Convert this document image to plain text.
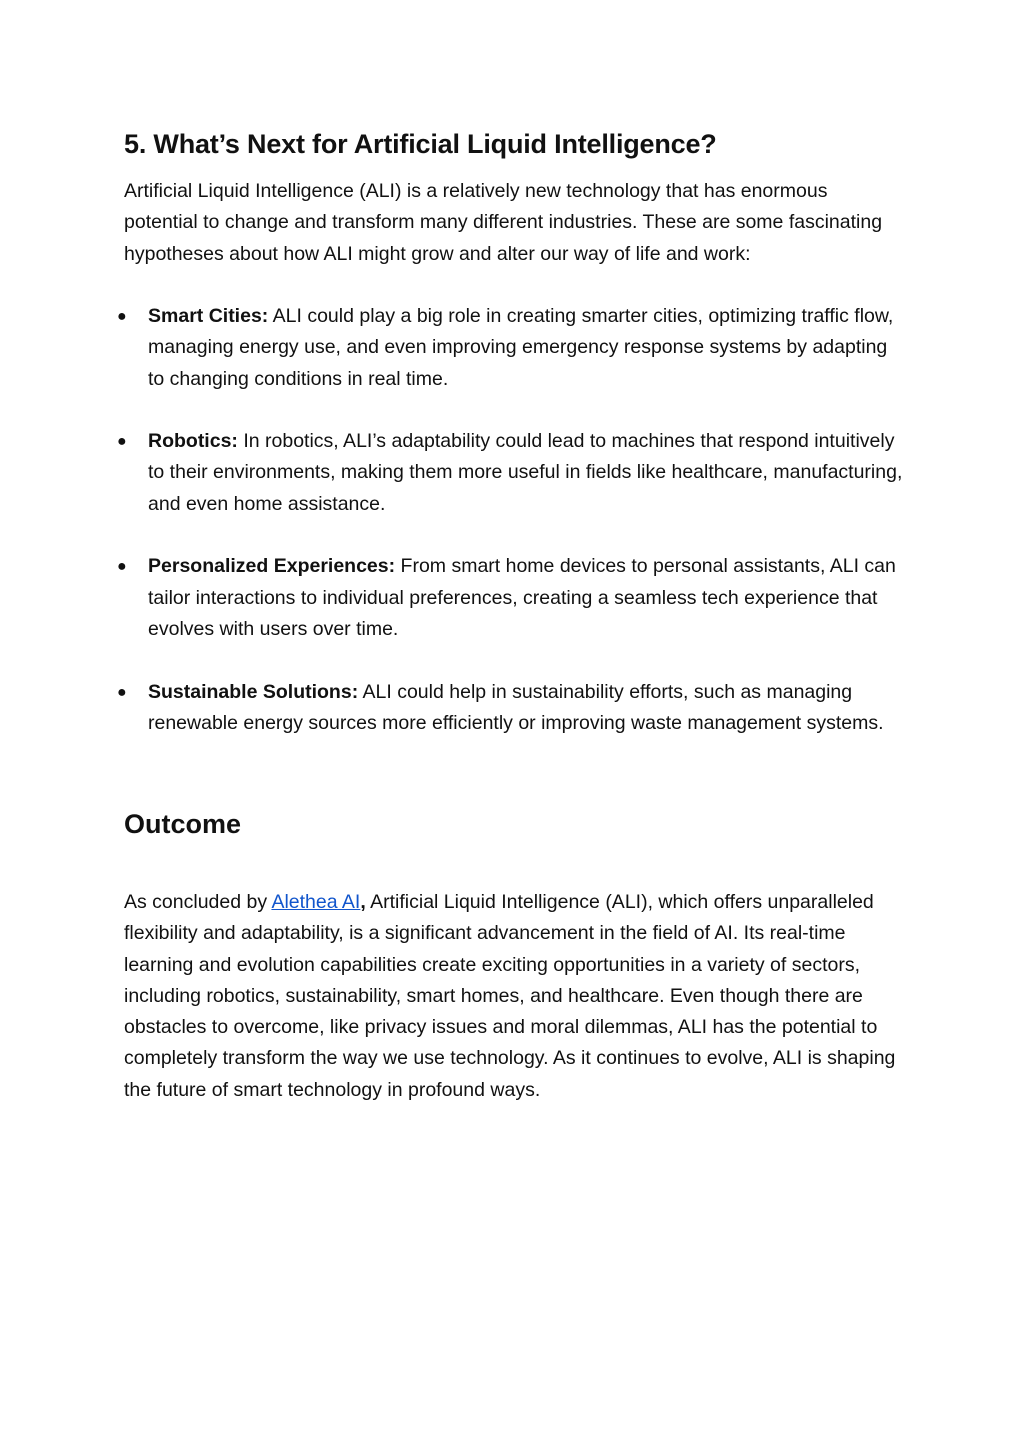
5. What’s Next for Artificial Liquid Intelligence?

Artificial Liquid Intelligence (ALI) is a relatively new technology that has enormous potential to change and transform many different industries. These are some fascinating hypotheses about how ALI might grow and alter our way of life and work:

● Smart Cities: ALI could play a big role in creating smarter cities, optimizing traffic flow, managing energy use, and even improving emergency response systems by adapting to changing conditions in real time.
● Robotics: In robotics, ALI’s adaptability could lead to machines that respond intuitively to their environments, making them more useful in fields like healthcare, manufacturing, and even home assistance.
● Personalized Experiences: From smart home devices to personal assistants, ALI can tailor interactions to individual preferences, creating a seamless tech experience that evolves with users over time.
● Sustainable Solutions: ALI could help in sustainability efforts, such as managing renewable energy sources more efficiently or improving waste management systems.
Outcome

As concluded by Alethea AI, Artificial Liquid Intelligence (ALI), which offers unparalleled flexibility and adaptability, is a significant advancement in the field of AI. Its real-time learning and evolution capabilities create exciting opportunities in a variety of sectors, including robotics, sustainability, smart homes, and healthcare. Even though there are obstacles to overcome, like privacy issues and moral dilemmas, ALI has the potential to completely transform the way we use technology. As it continues to evolve, ALI is shaping the future of smart technology in profound ways.
